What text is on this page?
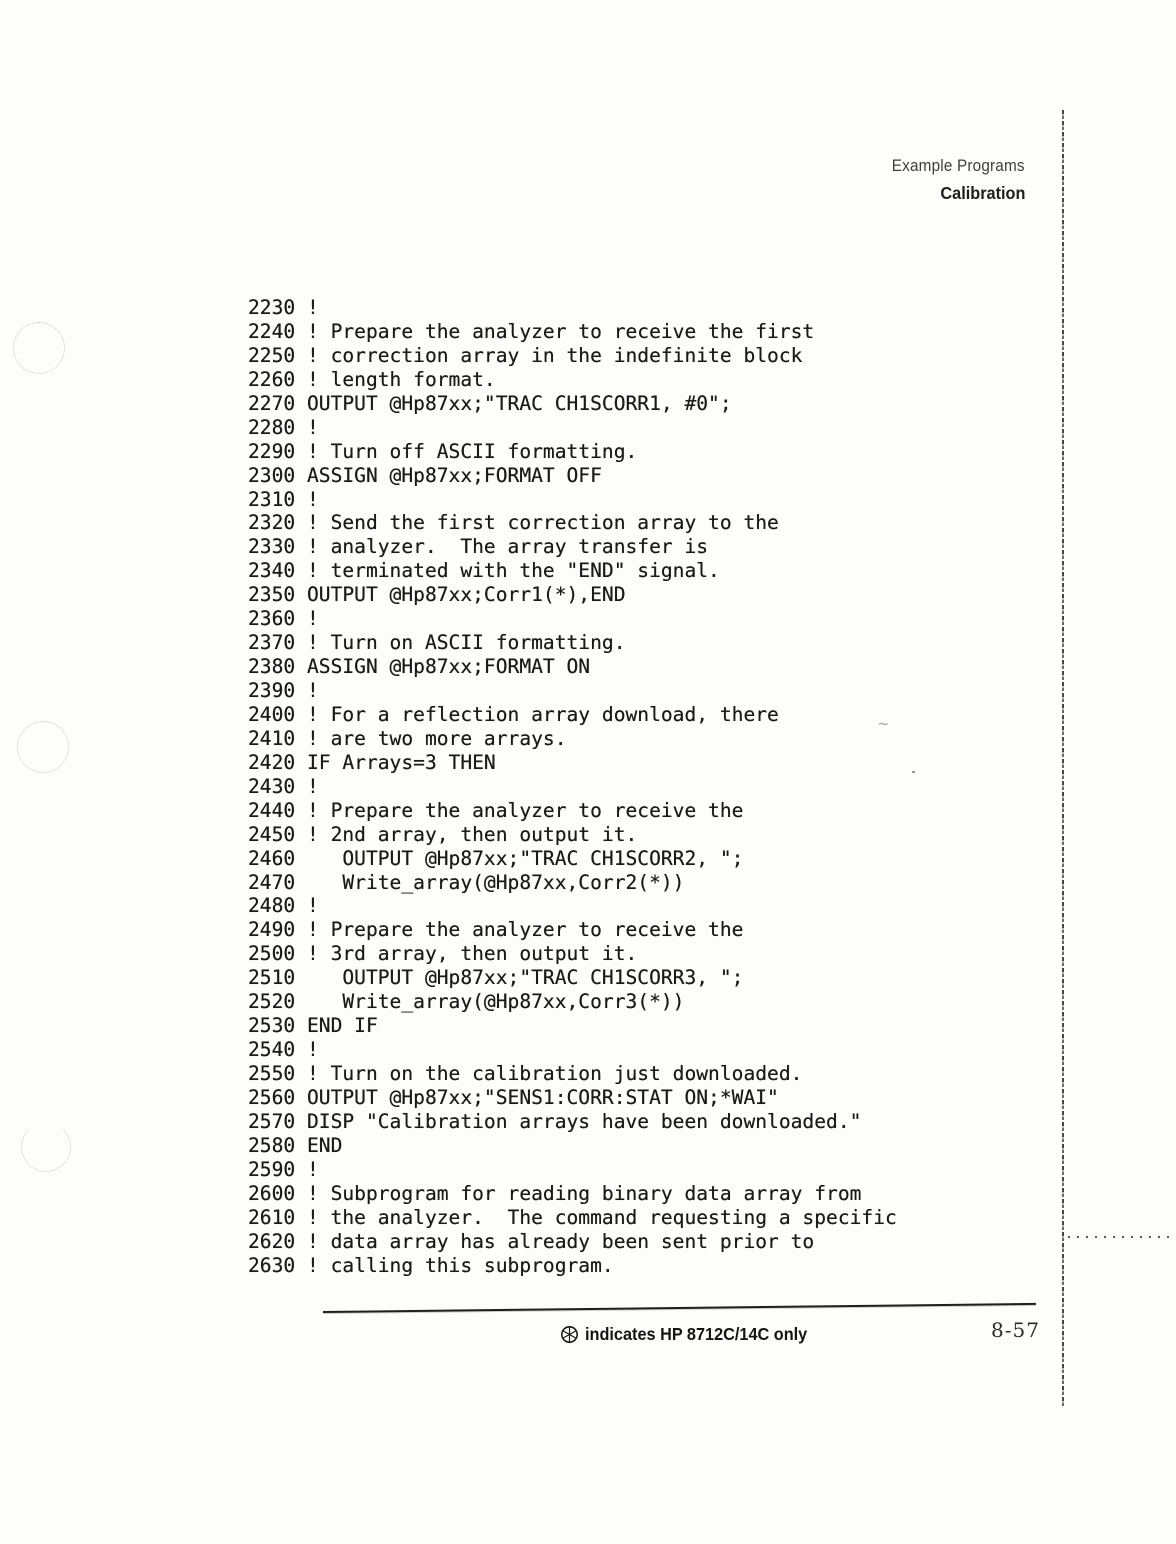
~
Example Programs
Calibration
2230 !
2240 ! Prepare the analyzer to receive the first
2250 ! correction array in the indefinite block
2260 ! length format.
2270 OUTPUT @Hp87xx;"TRAC CH1SCORR1, #0";
2280 !
2290 ! Turn off ASCII formatting.
2300 ASSIGN @Hp87xx;FORMAT OFF
2310 !
2320 ! Send the first correction array to the
2330 ! analyzer.  The array transfer is
2340 ! terminated with the "END" signal.
2350 OUTPUT @Hp87xx;Corr1(*),END
2360 !
2370 ! Turn on ASCII formatting.
2380 ASSIGN @Hp87xx;FORMAT ON
2390 !
2400 ! For a reflection array download, there
2410 ! are two more arrays.
2420 IF Arrays=3 THEN
2430 !
2440 ! Prepare the analyzer to receive the
2450 ! 2nd array, then output it.
2460    OUTPUT @Hp87xx;"TRAC CH1SCORR2, ";
2470    Write_array(@Hp87xx,Corr2(*))
2480 !
2490 ! Prepare the analyzer to receive the
2500 ! 3rd array, then output it.
2510    OUTPUT @Hp87xx;"TRAC CH1SCORR3, ";
2520    Write_array(@Hp87xx,Corr3(*))
2530 END IF
2540 !
2550 ! Turn on the calibration just downloaded.
2560 OUTPUT @Hp87xx;"SENS1:CORR:STAT ON;*WAI"
2570 DISP "Calibration arrays have been downloaded."
2580 END
2590 !
2600 ! Subprogram for reading binary data array from
2610 ! the analyzer.  The command requesting a specific
2620 ! data array has already been sent prior to
2630 ! calling this subprogram.
indicates HP 8712C/14C only	8-57
